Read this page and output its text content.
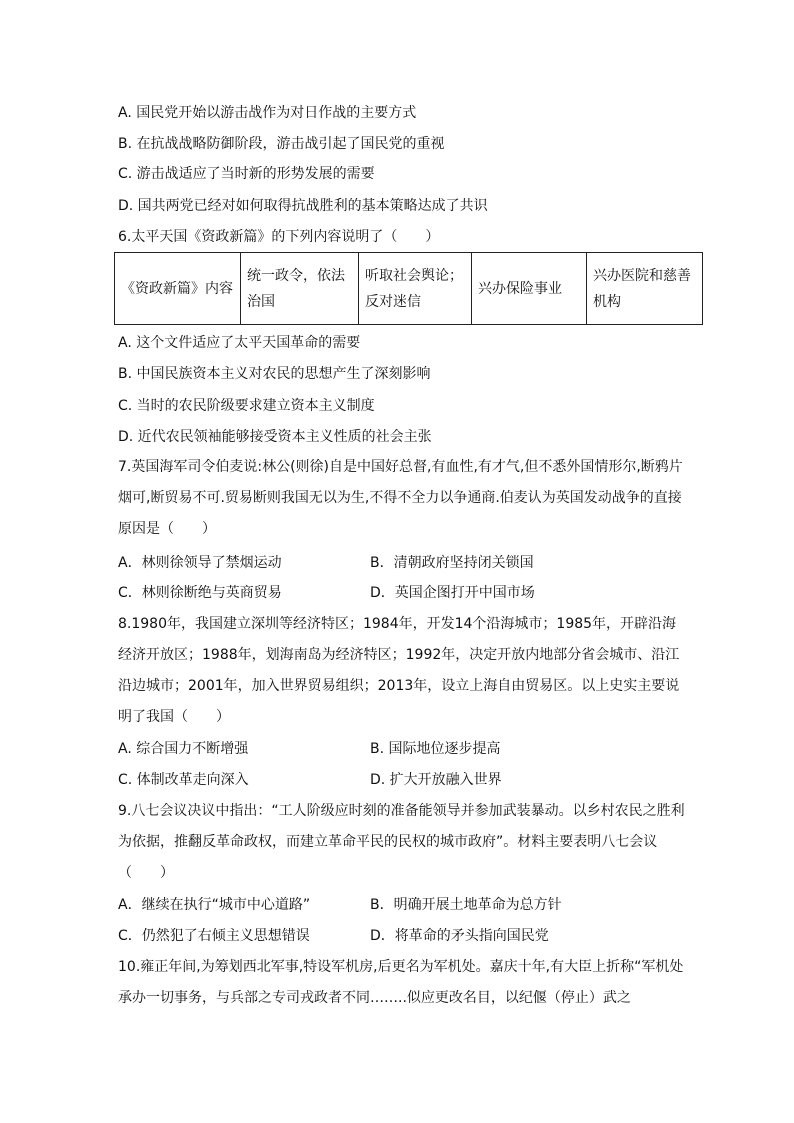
A. 国民党开始以游击战作为对日作战的主要方式
B. 在抗战战略防御阶段，游击战引起了国民党的重视
C. 游击战适应了当时新的形势发展的需要
D. 国共两党已经对如何取得抗战胜利的基本策略达成了共识
6.太平天国《资政新篇》的下列内容说明了（　　）
《资政新篇》内容	统一政令，依法治国	听取社会舆论；反对迷信	兴办保险事业	兴办医院和慈善机构
A. 这个文件适应了太平天国革命的需要
B. 中国民族资本主义对农民的思想产生了深刻影响
C. 当时的农民阶级要求建立资本主义制度
D. 近代农民领袖能够接受资本主义性质的社会主张
7.英国海军司令伯麦说:林公(则徐)自是中国好总督,有血性,有才气,但不悉外国情形尔,断鸦片烟可,断贸易不可.贸易断则我国无以为生,不得不全力以争通商.伯麦认为英国发动战争的直接原因是（　　）
A．林则徐领导了禁烟运动	B．清朝政府坚持闭关锁国
C．林则徐断绝与英商贸易	D．英国企图打开中国市场
8.1980年，我国建立深圳等经济特区；1984年，开发14个沿海城市；1985年，开辟沿海经济开放区；1988年，划海南岛为经济特区；1992年，决定开放内地部分省会城市、沿江沿边城市；2001年，加入世界贸易组织；2013年，设立上海自由贸易区。以上史实主要说明了我国（　　）
A. 综合国力不断增强	B. 国际地位逐步提高
C. 体制改革走向深入	D. 扩大开放融入世界
9.八七会议决议中指出：“工人阶级应时刻的准备能领导并参加武装暴动。以乡村农民之胜利为依据，推翻反革命政权，而建立革命平民的民权的城市政府”。材料主要表明八七会议（　　）
A．继续在执行“城市中心道路”	B．明确开展土地革命为总方针
C．仍然犯了右倾主义思想错误	D．将革命的矛头指向国民党
10.雍正年间,为筹划西北军事,特设军机房,后更名为军机处。嘉庆十年,有大臣上折称“军机处承办一切事务，与兵部之专司戎政者不同……..似应更改名目，以纪偃（停止）武之
